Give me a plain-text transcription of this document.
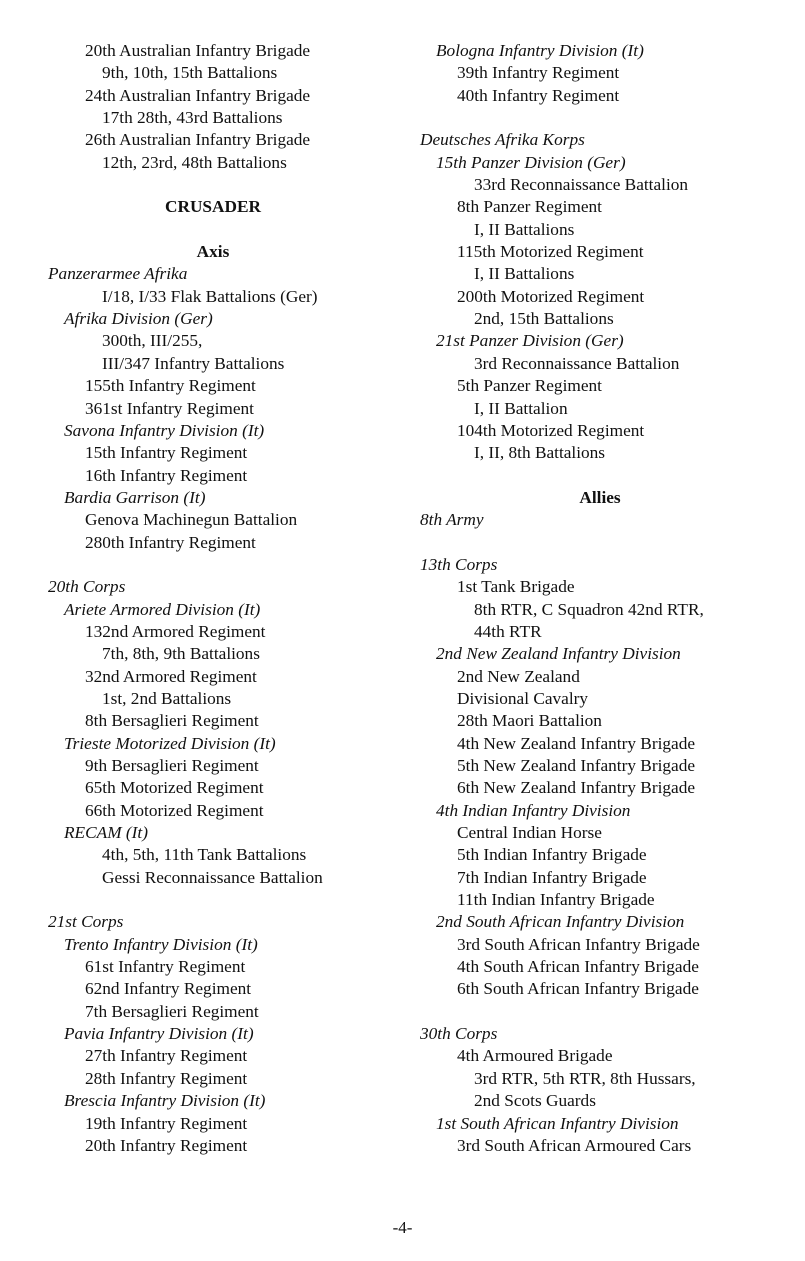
20th Australian Infantry Brigade
9th, 10th, 15th Battalions
24th Australian Infantry Brigade
17th 28th, 43rd Battalions
26th Australian Infantry Brigade
12th, 23rd, 48th Battalions
CRUSADER
Axis
Panzerarmee Afrika
I/18, I/33 Flak Battalions (Ger)
Afrika Division (Ger)
300th, III/255,
III/347 Infantry Battalions
155th Infantry Regiment
361st Infantry Regiment
Savona Infantry Division (It)
15th Infantry Regiment
16th Infantry Regiment
Bardia Garrison (It)
Genova Machinegun Battalion
280th Infantry Regiment
20th Corps
Ariete Armored Division (It)
132nd Armored Regiment
7th, 8th, 9th Battalions
32nd Armored Regiment
1st, 2nd Battalions
8th Bersaglieri Regiment
Trieste Motorized Division (It)
9th Bersaglieri Regiment
65th Motorized Regiment
66th Motorized Regiment
RECAM (It)
4th, 5th, 11th Tank Battalions
Gessi Reconnaissance Battalion
21st Corps
Trento Infantry Division (It)
61st Infantry Regiment
62nd Infantry Regiment
7th Bersaglieri Regiment
Pavia Infantry Division (It)
27th Infantry Regiment
28th Infantry Regiment
Brescia Infantry Division (It)
19th Infantry Regiment
20th Infantry Regiment
Bologna Infantry Division (It)
39th Infantry Regiment
40th Infantry Regiment
Deutsches Afrika Korps
15th Panzer Division (Ger)
33rd Reconnaissance Battalion
8th Panzer Regiment
I, II Battalions
115th Motorized Regiment
I, II Battalions
200th Motorized Regiment
2nd, 15th Battalions
21st Panzer Division (Ger)
3rd Reconnaissance Battalion
5th Panzer Regiment
I, II Battalion
104th Motorized Regiment
I, II, 8th Battalions
Allies
8th Army
13th Corps
1st Tank Brigade
8th RTR, C Squadron 42nd RTR,
44th RTR
2nd New Zealand Infantry Division
2nd New Zealand
Divisional Cavalry
28th Maori Battalion
4th New Zealand Infantry Brigade
5th New Zealand Infantry Brigade
6th New Zealand Infantry Brigade
4th Indian Infantry Division
Central Indian Horse
5th Indian Infantry Brigade
7th Indian Infantry Brigade
11th Indian Infantry Brigade
2nd South African Infantry Division
3rd South African Infantry Brigade
4th South African Infantry Brigade
6th South African Infantry Brigade
30th Corps
4th Armoured Brigade
3rd RTR, 5th RTR, 8th Hussars,
2nd Scots Guards
1st South African Infantry Division
3rd South African Armoured Cars
-4-
